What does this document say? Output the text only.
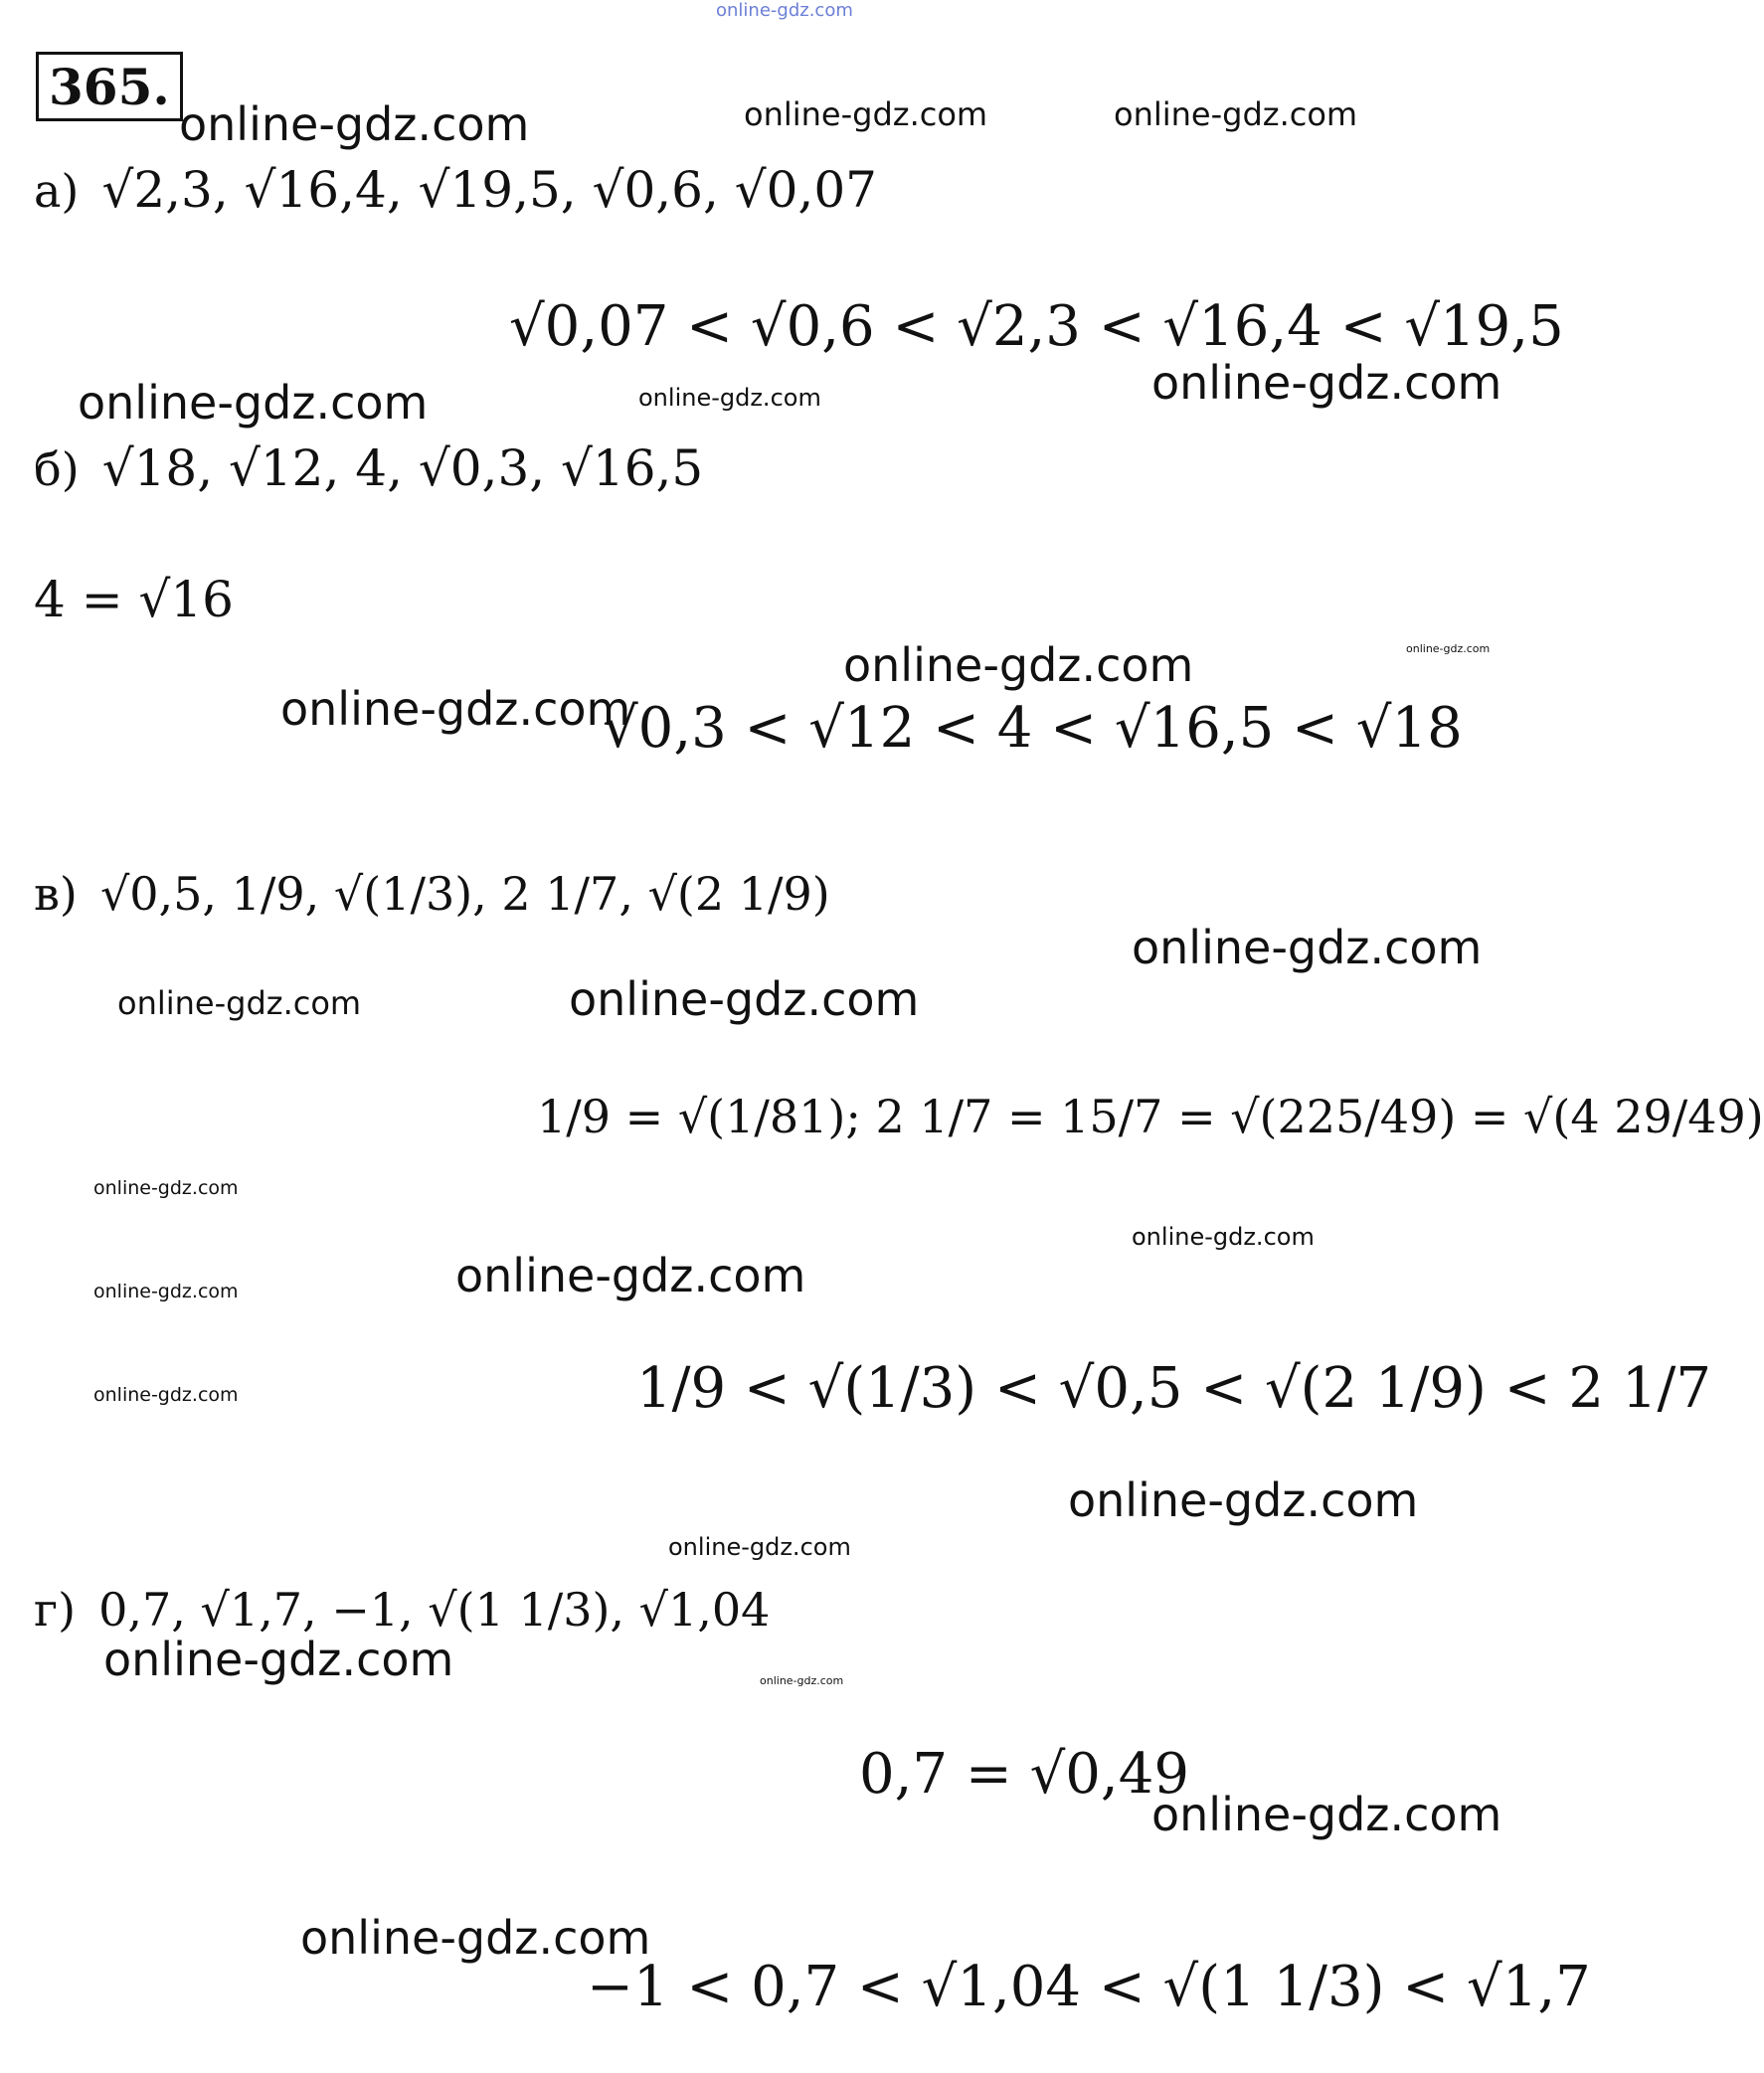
online-gdz.com
365.
online-gdz.com	online-gdz.com	online-gdz.com
а) √2,3, √16,4, √19,5, √0,6, √0,07
√0,07 < √0,6 < √2,3 < √16,4 < √19,5
online-gdz.com	online-gdz.com	online-gdz.com
б) √18, √12, 4, √0,3, √16,5
4 = √16
online-gdz.com	online-gdz.com
online-gdz.com
√0,3 < √12 < 4 < √16,5 < √18
в) √0,5, 1/9, √(1/3), 2 1/7, √(2 1/9)
online-gdz.com
online-gdz.com	online-gdz.com
1/9 = √(1/81); 2 1/7 = 15/7 = √(225/49) = √(4 29/49)
online-gdz.com
online-gdz.com
online-gdz.com	online-gdz.com
1/9 < √(1/3) < √0,5 < √(2 1/9) < 2 1/7
online-gdz.com
online-gdz.com
online-gdz.com
г) 0,7, √1,7, −1, √(1 1/3), √1,04
online-gdz.com	online-gdz.com
0,7 = √0,49
online-gdz.com
online-gdz.com
−1 < 0,7 < √1,04 < √(1 1/3) < √1,7
